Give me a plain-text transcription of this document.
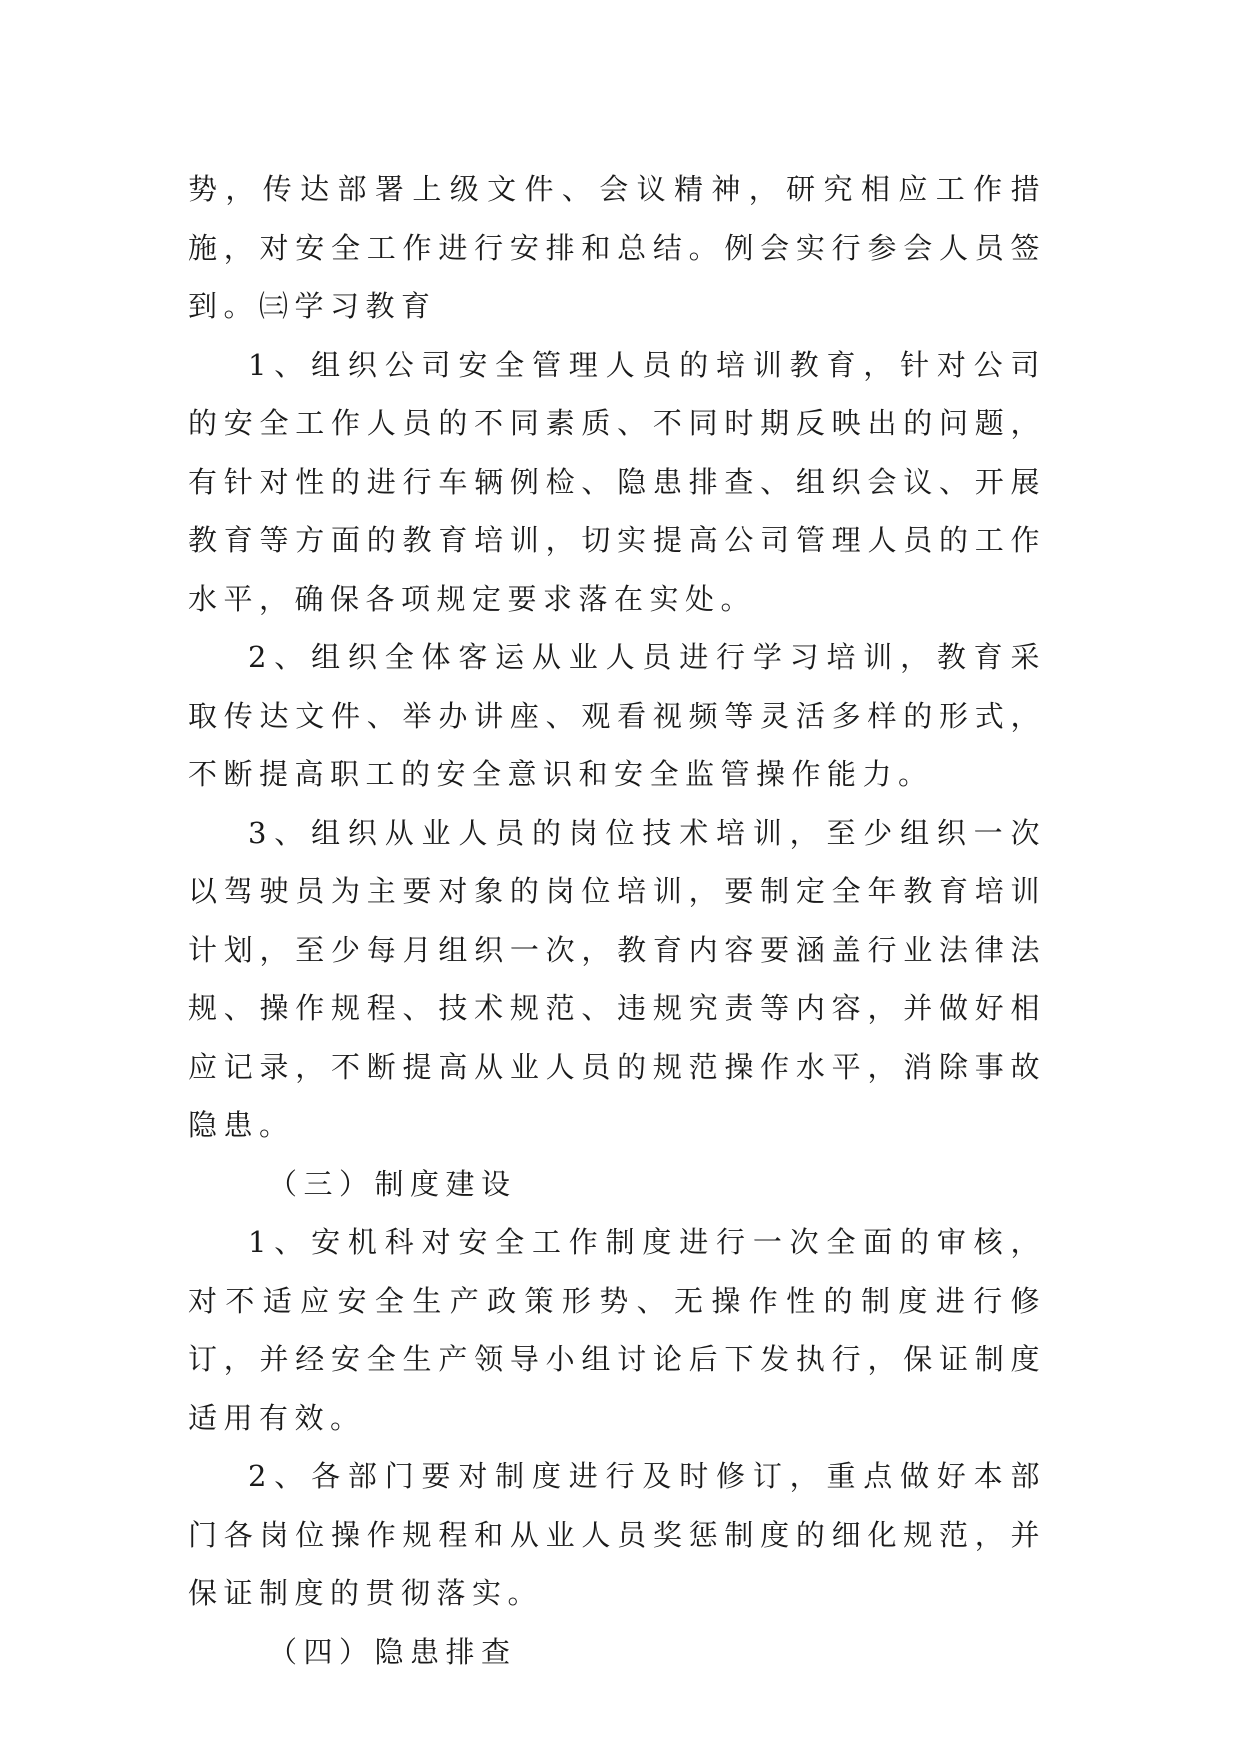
势，传达部署上级文件、会议精神，研究相应工作措施，对安全工作进行安排和总结。例会实行参会人员签到。㈢学习教育

1、组织公司安全管理人员的培训教育，针对公司的安全工作人员的不同素质、不同时期反映出的问题，有针对性的进行车辆例检、隐患排查、组织会议、开展教育等方面的教育培训，切实提高公司管理人员的工作水平，确保各项规定要求落在实处。

2、组织全体客运从业人员进行学习培训，教育采取传达文件、举办讲座、观看视频等灵活多样的形式，不断提高职工的安全意识和安全监管操作能力。

3、组织从业人员的岗位技术培训，至少组织一次以驾驶员为主要对象的岗位培训，要制定全年教育培训计划，至少每月组织一次，教育内容要涵盖行业法律法规、操作规程、技术规范、违规究责等内容，并做好相应记录，不断提高从业人员的规范操作水平，消除事故隐患。

（三）制度建设

1、安机科对安全工作制度进行一次全面的审核，对不适应安全生产政策形势、无操作性的制度进行修订，并经安全生产领导小组讨论后下发执行，保证制度适用有效。

2、各部门要对制度进行及时修订，重点做好本部门各岗位操作规程和从业人员奖惩制度的细化规范，并保证制度的贯彻落实。

（四）隐患排查
